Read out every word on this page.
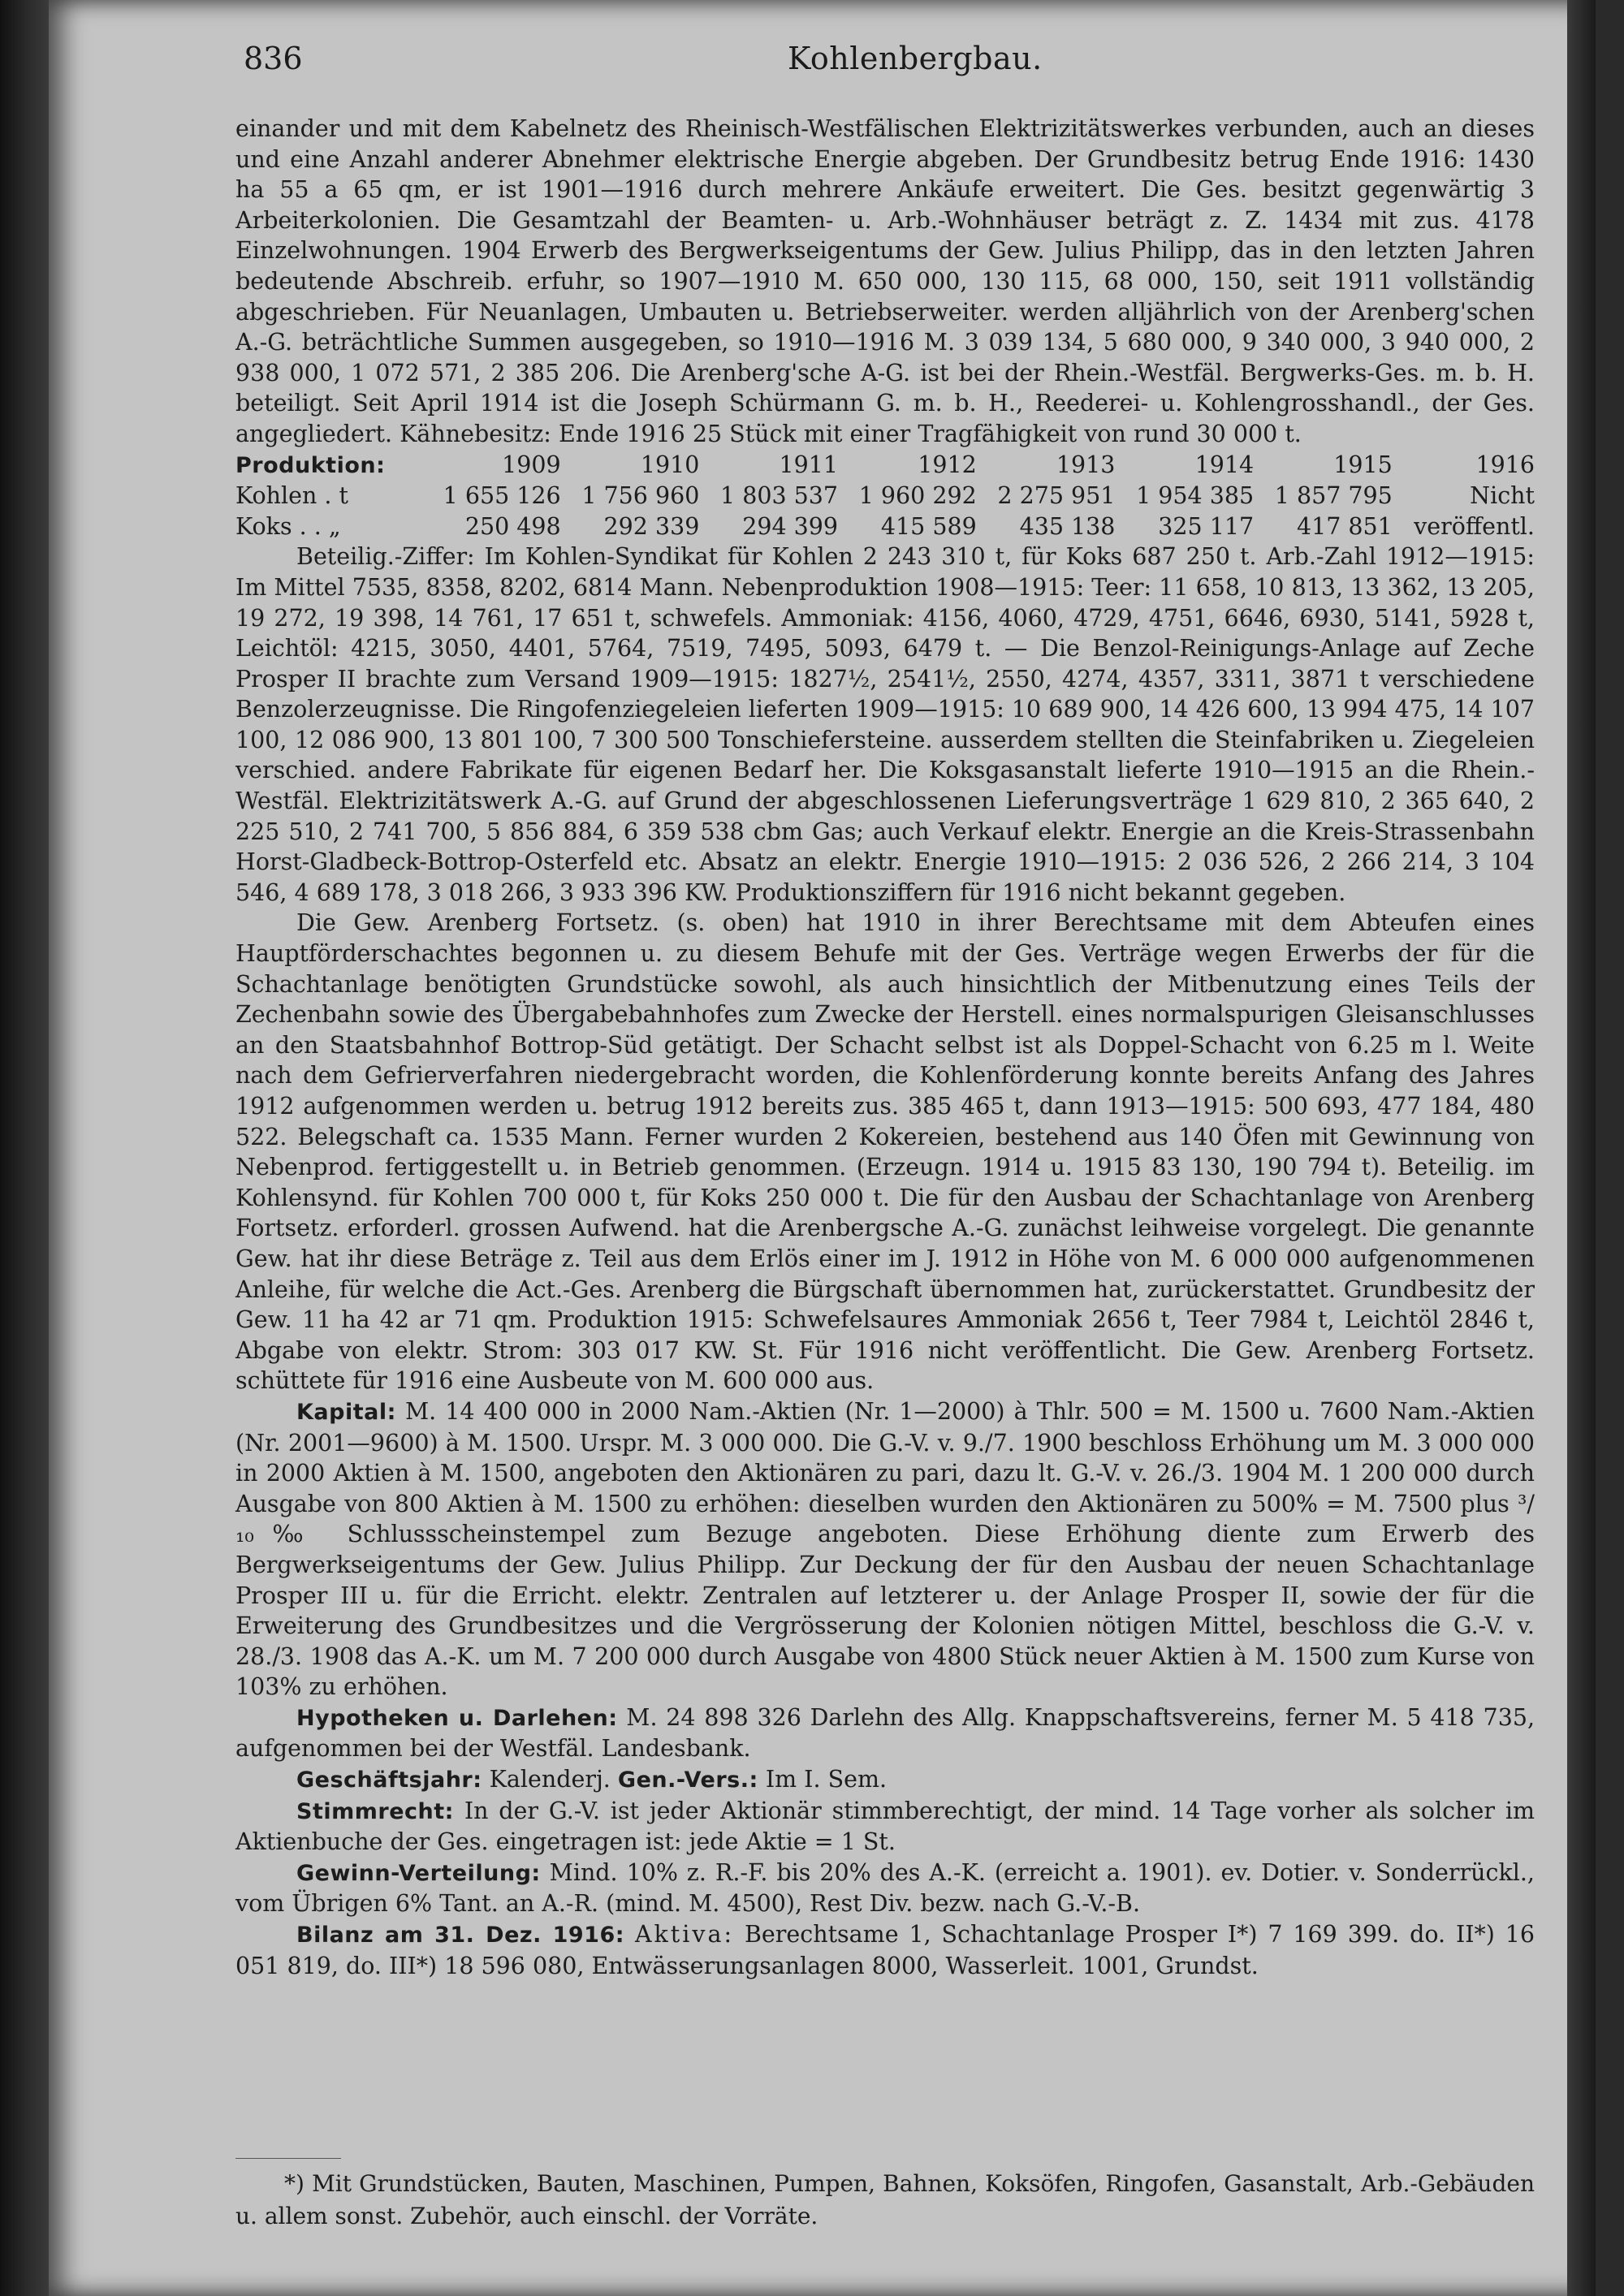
836	Kohlenbergbau.

einander und mit dem Kabelnetz des Rheinisch-Westfälischen Elektrizitätswerkes verbunden, auch an dieses und eine Anzahl anderer Abnehmer elektrische Energie abgeben. Der Grundbesitz betrug Ende 1916: 1430 ha 55 a 65 qm, er ist 1901—1916 durch mehrere Ankäufe erweitert. Die Ges. besitzt gegenwärtig 3 Arbeiterkolonien. Die Gesamtzahl der Beamten- u. Arb.-Wohnhäuser beträgt z. Z. 1434 mit zus. 4178 Einzelwohnungen. 1904 Erwerb des Bergwerkseigentums der Gew. Julius Philipp, das in den letzten Jahren bedeutende Abschreib. erfuhr, so 1907—1910 M. 650 000, 130 115, 68 000, 150, seit 1911 vollständig abgeschrieben. Für Neuanlagen, Umbauten u. Betriebserweiter. werden alljährlich von der Arenberg'schen A.-G. beträchtliche Summen ausgegeben, so 1910—1916 M. 3 039 134, 5 680 000, 9 340 000, 3 940 000, 2 938 000, 1 072 571, 2 385 206. Die Arenberg'sche A-G. ist bei der Rhein.-Westfäl. Bergwerks-Ges. m. b. H. beteiligt. Seit April 1914 ist die Joseph Schürmann G. m. b. H., Reederei- u. Kohlengrosshandl., der Ges. angegliedert. Kähnebesitz: Ende 1916 25 Stück mit einer Tragfähigkeit von rund 30 000 t.

Produktion:	1909	1910	1911	1912	1913	1914	1915	1916
Kohlen . t	1 655 126	1 756 960	1 803 537	1 960 292	2 275 951	1 954 385	1 857 795	Nicht
Koks . . „	250 498	292 339	294 399	415 589	435 138	325 117	417 851	veröffentl.

Beteilig.-Ziffer: Im Kohlen-Syndikat für Kohlen 2 243 310 t, für Koks 687 250 t. Arb.-Zahl 1912—1915: Im Mittel 7535, 8358, 8202, 6814 Mann. Nebenproduktion 1908—1915: Teer: 11 658, 10 813, 13 362, 13 205, 19 272, 19 398, 14 761, 17 651 t, schwefels. Ammoniak: 4156, 4060, 4729, 4751, 6646, 6930, 5141, 5928 t, Leichtöl: 4215, 3050, 4401, 5764, 7519, 7495, 5093, 6479 t. — Die Benzol-Reinigungs-Anlage auf Zeche Prosper II brachte zum Versand 1909—1915: 1827½, 2541½, 2550, 4274, 4357, 3311, 3871 t verschiedene Benzolerzeugnisse. Die Ringofenziegeleien lieferten 1909—1915: 10 689 900, 14 426 600, 13 994 475, 14 107 100, 12 086 900, 13 801 100, 7 300 500 Tonschiefersteine. ausserdem stellten die Steinfabriken u. Ziegeleien verschied. andere Fabrikate für eigenen Bedarf her. Die Koksgasanstalt lieferte 1910—1915 an die Rhein.-Westfäl. Elektrizitätswerk A.-G. auf Grund der abgeschlossenen Lieferungsverträge 1 629 810, 2 365 640, 2 225 510, 2 741 700, 5 856 884, 6 359 538 cbm Gas; auch Verkauf elektr. Energie an die Kreis-Strassenbahn Horst-Gladbeck-Bottrop-Osterfeld etc. Absatz an elektr. Energie 1910—1915: 2 036 526, 2 266 214, 3 104 546, 4 689 178, 3 018 266, 3 933 396 KW. Produktionsziffern für 1916 nicht bekannt gegeben.

Die Gew. Arenberg Fortsetz. (s. oben) hat 1910 in ihrer Berechtsame mit dem Abteufen eines Hauptförderschachtes begonnen u. zu diesem Behufe mit der Ges. Verträge wegen Erwerbs der für die Schachtanlage benötigten Grundstücke sowohl, als auch hinsichtlich der Mitbenutzung eines Teils der Zechenbahn sowie des Übergabebahnhofes zum Zwecke der Herstell. eines normalspurigen Gleisanschlusses an den Staatsbahnhof Bottrop-Süd getätigt. Der Schacht selbst ist als Doppel-Schacht von 6.25 m l. Weite nach dem Gefrierverfahren niedergebracht worden, die Kohlenförderung konnte bereits Anfang des Jahres 1912 aufgenommen werden u. betrug 1912 bereits zus. 385 465 t, dann 1913—1915: 500 693, 477 184, 480 522. Belegschaft ca. 1535 Mann. Ferner wurden 2 Kokereien, bestehend aus 140 Öfen mit Gewinnung von Nebenprod. fertiggestellt u. in Betrieb genommen. (Erzeugn. 1914 u. 1915 83 130, 190 794 t). Beteilig. im Kohlensynd. für Kohlen 700 000 t, für Koks 250 000 t. Die für den Ausbau der Schachtanlage von Arenberg Fortsetz. erforderl. grossen Aufwend. hat die Arenbergsche A.-G. zunächst leihweise vorgelegt. Die genannte Gew. hat ihr diese Beträge z. Teil aus dem Erlös einer im J. 1912 in Höhe von M. 6 000 000 aufgenommenen Anleihe, für welche die Act.-Ges. Arenberg die Bürgschaft übernommen hat, zurückerstattet. Grundbesitz der Gew. 11 ha 42 ar 71 qm. Produktion 1915: Schwefelsaures Ammoniak 2656 t, Teer 7984 t, Leichtöl 2846 t, Abgabe von elektr. Strom: 303 017 KW. St. Für 1916 nicht veröffentlicht. Die Gew. Arenberg Fortsetz. schüttete für 1916 eine Ausbeute von M. 600 000 aus.

Kapital: M. 14 400 000 in 2000 Nam.-Aktien (Nr. 1—2000) à Thlr. 500 = M. 1500 u. 7600 Nam.-Aktien (Nr. 2001—9600) à M. 1500. Urspr. M. 3 000 000. Die G.-V. v. 9./7. 1900 beschloss Erhöhung um M. 3 000 000 in 2000 Aktien à M. 1500, angeboten den Aktionären zu pari, dazu lt. G.-V. v. 26./3. 1904 M. 1 200 000 durch Ausgabe von 800 Aktien à M. 1500 zu erhöhen: dieselben wurden den Aktionären zu 500% = M. 7500 plus ³/₁₀‰ Schlussscheinstempel zum Bezuge angeboten. Diese Erhöhung diente zum Erwerb des Bergwerkseigentums der Gew. Julius Philipp. Zur Deckung der für den Ausbau der neuen Schachtanlage Prosper III u. für die Erricht. elektr. Zentralen auf letzterer u. der Anlage Prosper II, sowie der für die Erweiterung des Grundbesitzes und die Vergrösserung der Kolonien nötigen Mittel, beschloss die G.-V. v. 28./3. 1908 das A.-K. um M. 7 200 000 durch Ausgabe von 4800 Stück neuer Aktien à M. 1500 zum Kurse von 103% zu erhöhen.

Hypotheken u. Darlehen: M. 24 898 326 Darlehn des Allg. Knappschaftsvereins, ferner M. 5 418 735, aufgenommen bei der Westfäl. Landesbank.

Geschäftsjahr: Kalenderj. Gen.-Vers.: Im I. Sem.

Stimmrecht: In der G.-V. ist jeder Aktionär stimmberechtigt, der mind. 14 Tage vorher als solcher im Aktienbuche der Ges. eingetragen ist: jede Aktie = 1 St.

Gewinn-Verteilung: Mind. 10% z. R.-F. bis 20% des A.-K. (erreicht a. 1901). ev. Dotier. v. Sonderrückl., vom Übrigen 6% Tant. an A.-R. (mind. M. 4500), Rest Div. bezw. nach G.-V.-B.

Bilanz am 31. Dez. 1916: Aktiva: Berechtsame 1, Schachtanlage Prosper I*) 7 169 399. do. II*) 16 051 819, do. III*) 18 596 080, Entwässerungsanlagen 8000, Wasserleit. 1001, Grundst.

*) Mit Grundstücken, Bauten, Maschinen, Pumpen, Bahnen, Koksöfen, Ringofen, Gasanstalt, Arb.-Gebäuden u. allem sonst. Zubehör, auch einschl. der Vorräte.
